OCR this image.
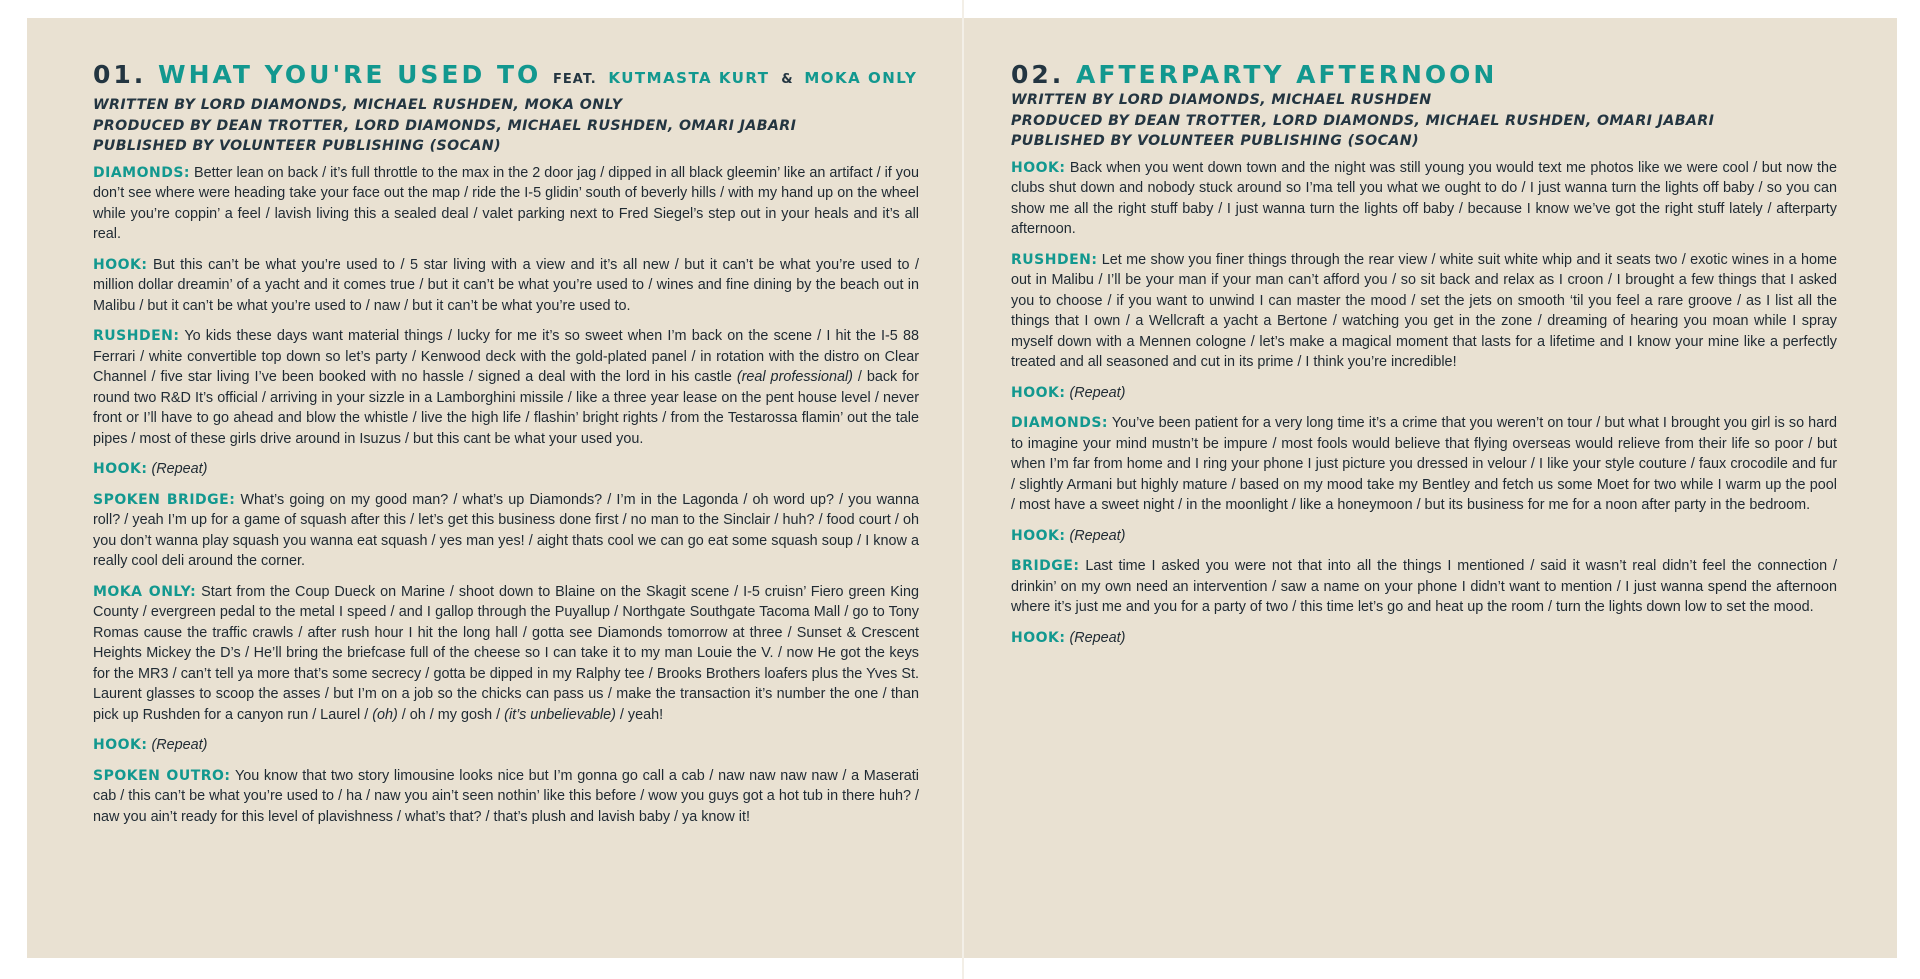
01. WHAT YOU'RE USED TO FEAT. KUTMASTA KURT & MOKA ONLY
WRITTEN BY LORD DIAMONDS, MICHAEL RUSHDEN, MOKA ONLY
PRODUCED BY DEAN TROTTER, LORD DIAMONDS, MICHAEL RUSHDEN, OMARI JABARI
PUBLISHED BY VOLUNTEER PUBLISHING (SOCAN)

DIAMONDS: Better lean on back / it’s full throttle to the max in the 2 door jag / dipped in all black gleemin’ like an artifact / if you don’t see where were heading take your face out the map / ride the I-5 glidin’ south of beverly hills / with my hand up on the wheel while you’re coppin’ a feel / lavish living this a sealed deal / valet parking next to Fred Siegel’s step out in your heals and it’s all real.

HOOK: But this can’t be what you’re used to / 5 star living with a view and it’s all new / but it can’t be what you’re used to / million dollar dreamin’ of a yacht and it comes true / but it can’t be what you’re used to / wines and fine dining by the beach out in Malibu / but it can’t be what you’re used to / naw / but it can’t be what you’re used to.

RUSHDEN: Yo kids these days want material things / lucky for me it’s so sweet when I’m back on the scene / I hit the I-5 88 Ferrari / white convertible top down so let’s party / Kenwood deck with the gold-plated panel / in rotation with the distro on Clear Channel / five star living I’ve been booked with no hassle / signed a deal with the lord in his castle (real professional) / back for round two R&D It’s official / arriving in your sizzle in a Lamborghini missile / like a three year lease on the pent house level / never front or I’ll have to go ahead and blow the whistle / live the high life / flashin’ bright rights / from the Testarossa flamin’ out the tale pipes / most of these girls drive around in Isuzus / but this cant be what your used you.

HOOK: (Repeat)

SPOKEN BRIDGE: What’s going on my good man? / what’s up Diamonds? / I’m in the Lagonda / oh word up? / you wanna roll? / yeah I’m up for a game of squash after this / let’s get this business done first / no man to the Sinclair / huh? / food court / oh you don’t wanna play squash you wanna eat squash / yes man yes! / aight thats cool we can go eat some squash soup / I know a really cool deli around the corner.

MOKA ONLY: Start from the Coup Dueck on Marine / shoot down to Blaine on the Skagit scene / I-5 cruisn’ Fiero green King County / evergreen pedal to the metal I speed / and I gallop through the Puyallup / Northgate Southgate Tacoma Mall / go to Tony Romas cause the traffic crawls / after rush hour I hit the long hall / gotta see Diamonds tomorrow at three / Sunset & Crescent Heights Mickey the D’s / He’ll bring the briefcase full of the cheese so I can take it to my man Louie the V. / now He got the keys for the MR3 / can’t tell ya more that’s some secrecy / gotta be dipped in my Ralphy tee / Brooks Brothers loafers plus the Yves St. Laurent glasses to scoop the asses / but I’m on a job so the chicks can pass us / make the transaction it’s number the one / than pick up Rushden for a canyon run / Laurel / (oh) / oh / my gosh / (it’s unbelievable) / yeah!

HOOK: (Repeat)

SPOKEN OUTRO: You know that two story limousine looks nice but I’m gonna go call a cab / naw naw naw naw / a Maserati cab / this can’t be what you’re used to / ha / naw you ain’t seen nothin’ like this before / wow you guys got a hot tub in there huh? / naw you ain’t ready for this level of plavishness / what’s that? / that’s plush and lavish baby / ya know it!

02. AFTERPARTY AFTERNOON
WRITTEN BY LORD DIAMONDS, MICHAEL RUSHDEN
PRODUCED BY DEAN TROTTER, LORD DIAMONDS, MICHAEL RUSHDEN, OMARI JABARI
PUBLISHED BY VOLUNTEER PUBLISHING (SOCAN)

HOOK: Back when you went down town and the night was still young you would text me photos like we were cool / but now the clubs shut down and nobody stuck around so I’ma tell you what we ought to do / I just wanna turn the lights off baby / so you can show me all the right stuff baby / I just wanna turn the lights off baby / because I know we’ve got the right stuff lately / afterparty afternoon.

RUSHDEN: Let me show you finer things through the rear view / white suit white whip and it seats two / exotic wines in a home out in Malibu / I’ll be your man if your man can’t afford you / so sit back and relax as I croon / I brought a few things that I asked you to choose / if you want to unwind I can master the mood / set the jets on smooth ‘til you feel a rare groove / as I list all the things that I own / a Wellcraft a yacht a Bertone / watching you get in the zone / dreaming of hearing you moan while I spray myself down with a Mennen cologne / let’s make a magical moment that lasts for a lifetime and I know your mine like a perfectly treated and all seasoned and cut in its prime / I think you’re incredible!

HOOK: (Repeat)

DIAMONDS: You’ve been patient for a very long time it’s a crime that you weren’t on tour / but what I brought you girl is so hard to imagine your mind mustn’t be impure / most fools would believe that flying overseas would relieve from their life so poor / but when I’m far from home and I ring your phone I just picture you dressed in velour / I like your style couture / faux crocodile and fur / slightly Armani but highly mature / based on my mood take my Bentley and fetch us some Moet for two while I warm up the pool / most have a sweet night / in the moonlight / like a honeymoon / but its business for me for a noon after party in the bedroom.

HOOK: (Repeat)

BRIDGE: Last time I asked you were not that into all the things I mentioned / said it wasn’t real didn’t feel the connection / drinkin’ on my own need an intervention / saw a name on your phone I didn’t want to mention / I just wanna spend the afternoon where it’s just me and you for a party of two / this time let’s go and heat up the room / turn the lights down low to set the mood.

HOOK: (Repeat)
